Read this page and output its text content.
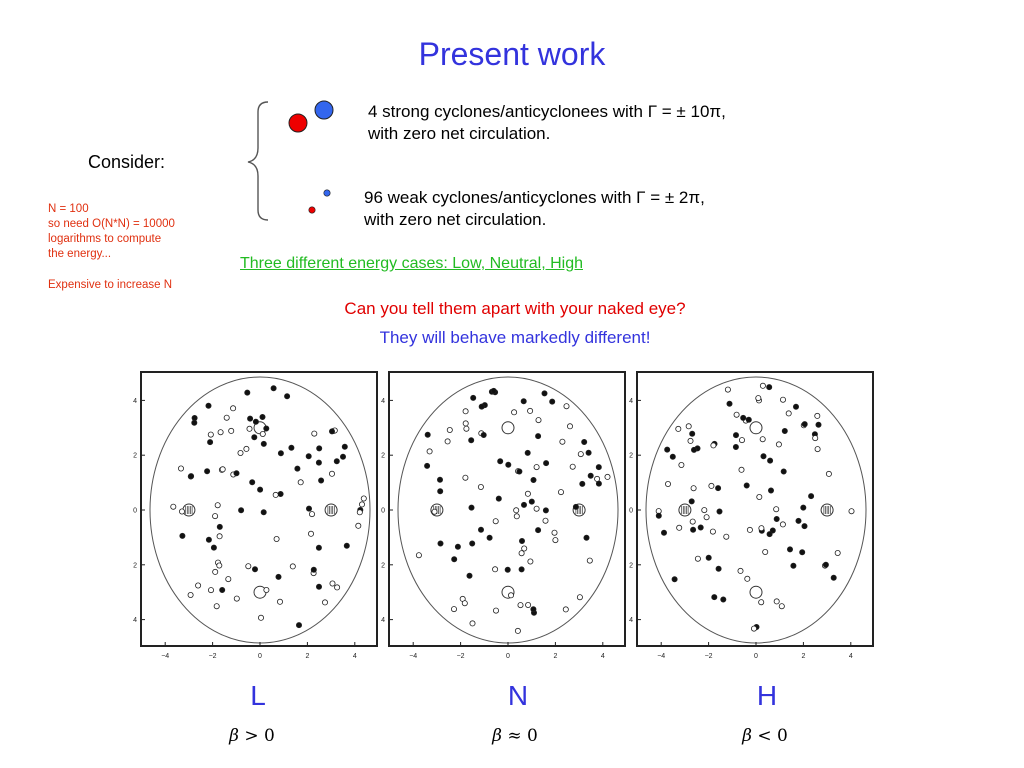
Present work
Consider:
N = 100
so need O(N*N) = 10000
logarithms to compute
the energy...
Expensive to increase N
4 strong cyclones/anticyclonees with Γ = ± 10π,
with zero net circulation.
96 weak cyclones/anticyclones with Γ = ± 2π,
with zero net circulation.
Three different energy cases: Low, Neutral, High
Can you tell them apart with your naked eye?
They will behave markedly different!
−4	−2	0	2	4
4
2
0
2
4
−4	−2	0	2	4
4
2
0
2
4
−4	−2	0	2	4
4
2
0
2
4
L	N	H
β > 0	β ≈ 0	β < 0
